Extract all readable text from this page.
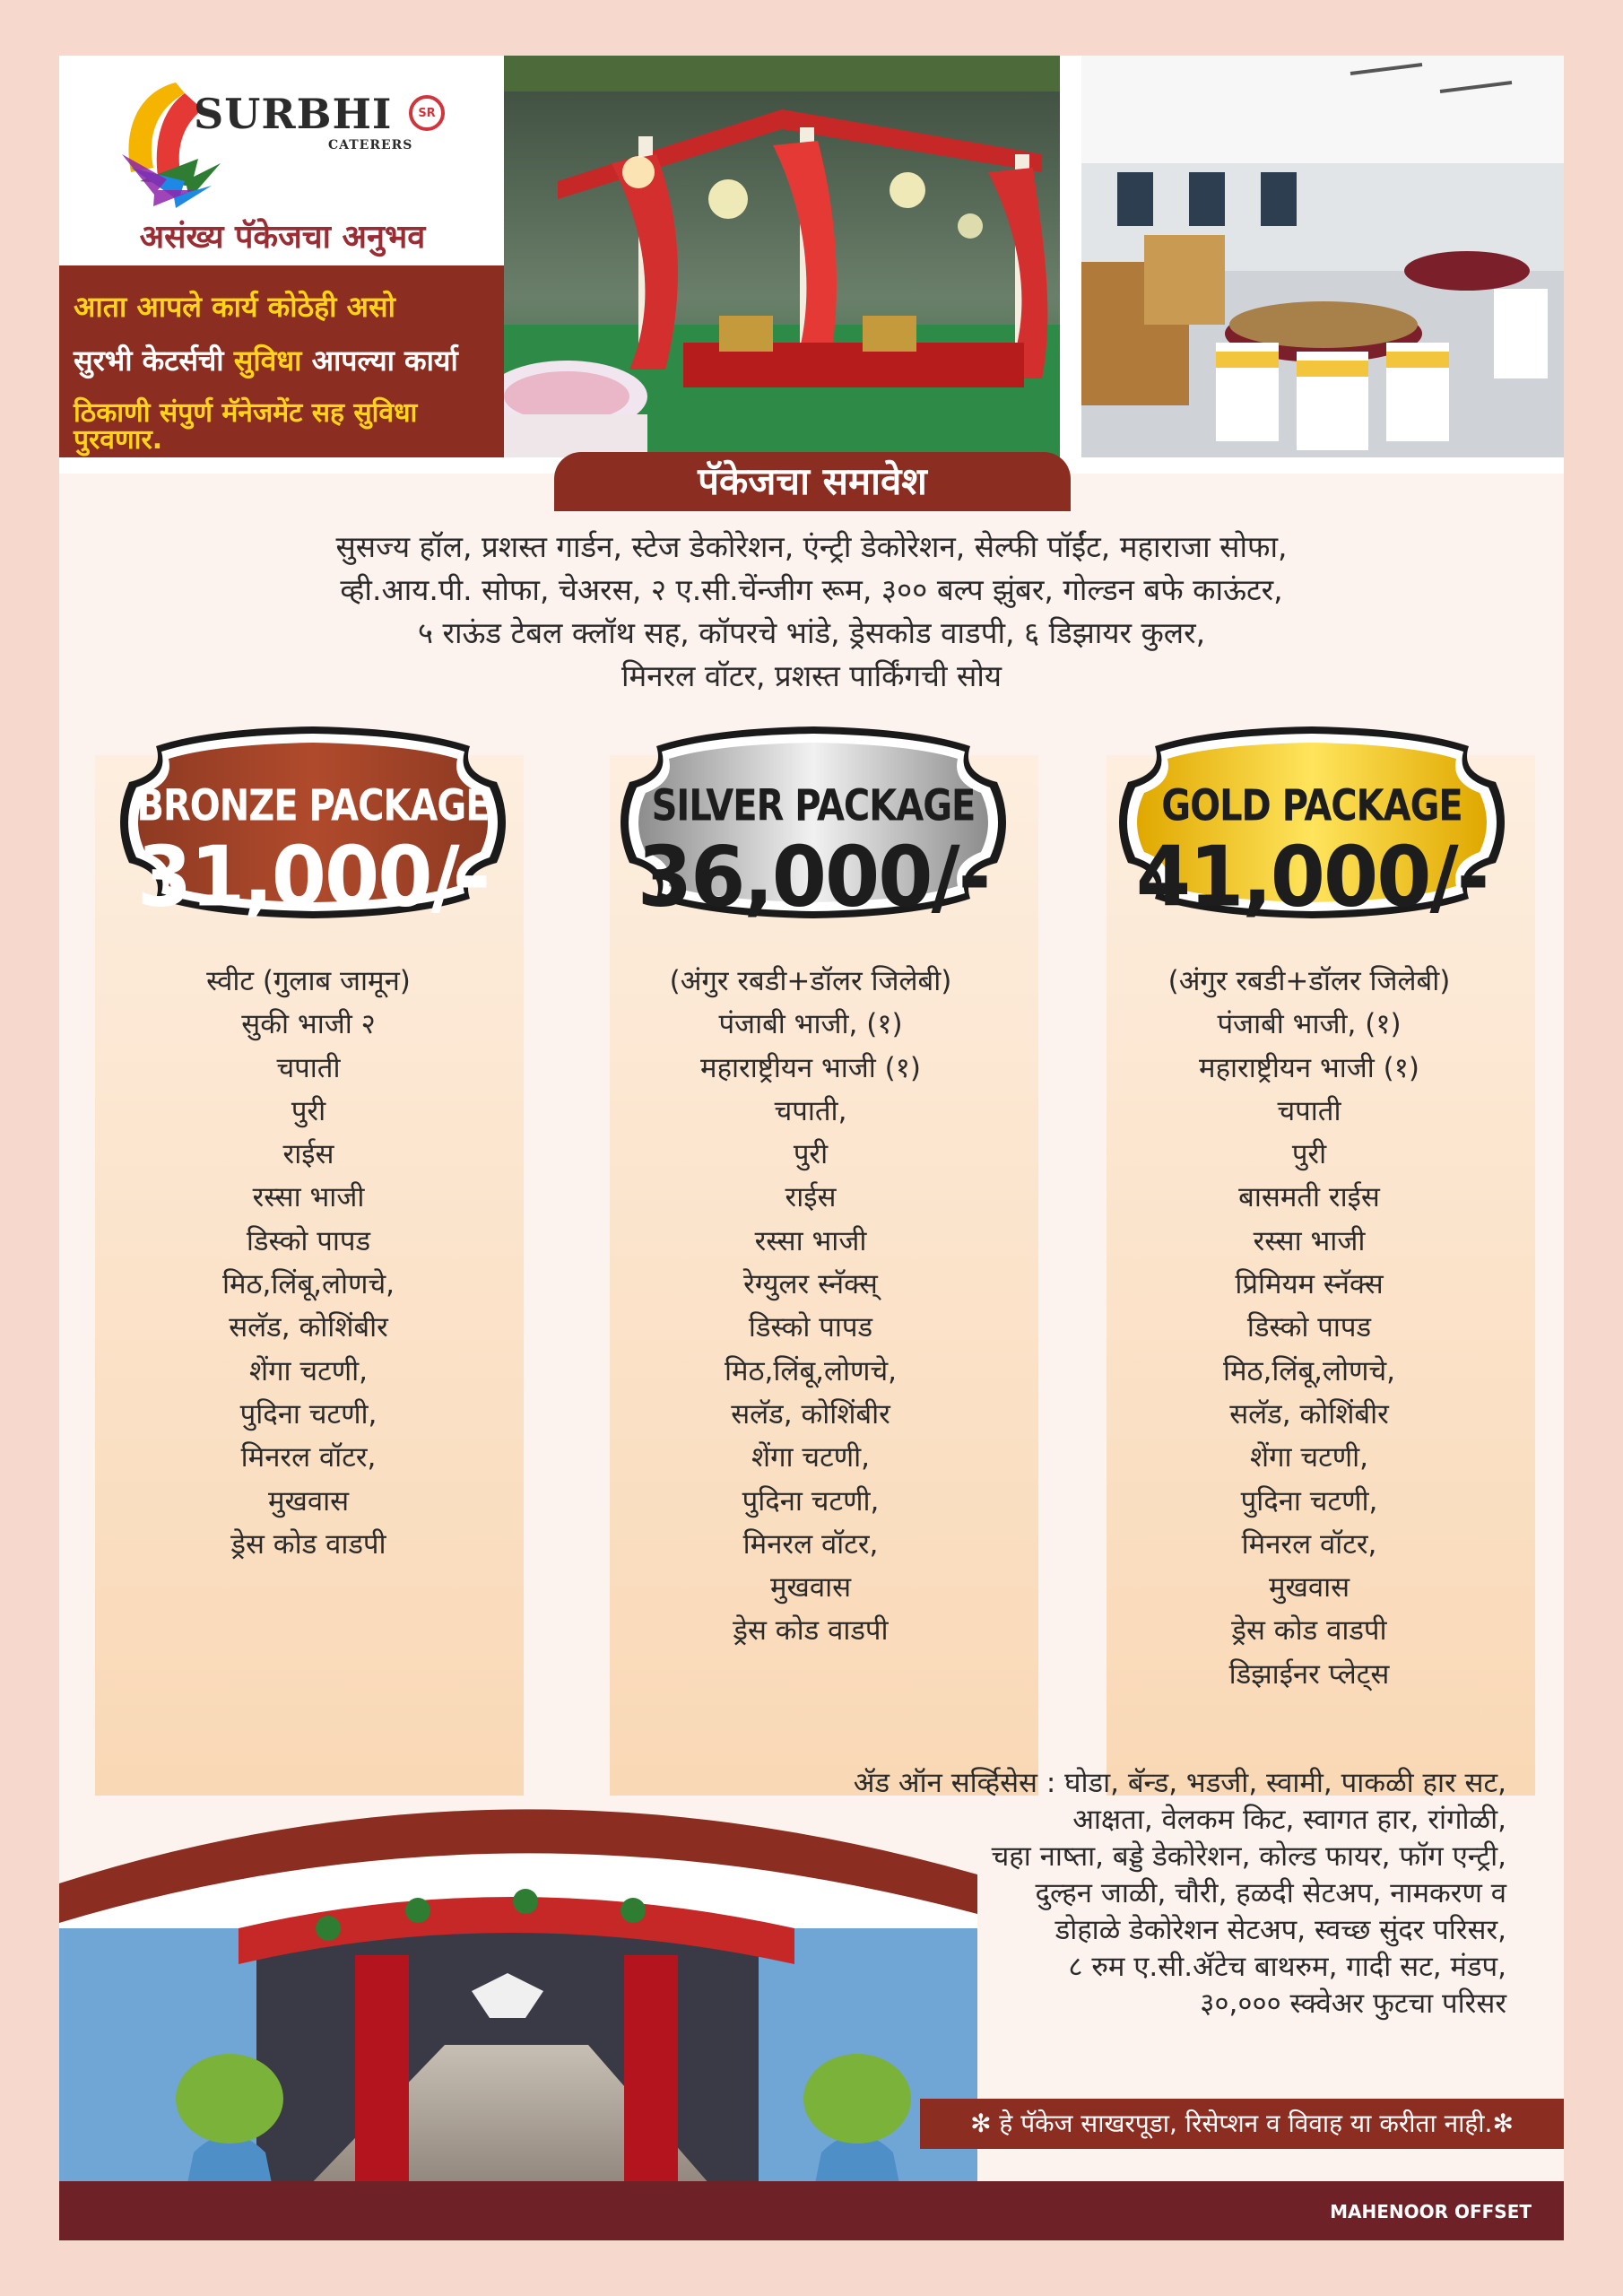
SURBHI	SR
CATERERS
असंख्य पॅकेजचा अनुभव
आता आपले कार्य कोठेही असो
सुरभी केटर्सची सुविधा आपल्या कार्या
ठिकाणी संपुर्ण मॅनेजमेंट सह सुविधा पुरवणार.
पॅकेजचा समावेश
सुसज्य हॉल, प्रशस्त गार्डन, स्टेज डेकोरेशन, एंन्ट्री डेकोरेशन, सेल्फी पॉईंट, महाराजा सोफा,
व्ही.आय.पी. सोफा, चेअरस, २ ए.सी.चेंन्जीग रूम, ३०० बल्प झुंबर, गोल्डन बफे काऊंटर,
५ राऊंड टेबल क्लॉथ सह, कॉपरचे भांडे, ड्रेसकोड वाडपी, ६ डिझायर कुलर,
मिनरल वॉटर, प्रशस्त पार्किंगची सोय
BRONZE PACKAGE
31,000/-
SILVER PACKAGE
36,000/-
GOLD PACKAGE
41,000/-
स्वीट (गुलाब जामून)
सुकी भाजी २
चपाती
पुरी
राईस
रस्सा भाजी
डिस्को पापड
मिठ,लिंबू,लोणचे,
सलॅड, कोशिंबीर
शेंगा चटणी,
पुदिना चटणी,
मिनरल वॉटर,
मुखवास
ड्रेस कोड वाडपी
(अंगुर रबडी+डॉलर जिलेबी)
पंजाबी भाजी, (१)
महाराष्ट्रीयन भाजी (१)
चपाती,
पुरी
राईस
रस्सा भाजी
रेग्युलर स्नॅक्स्
डिस्को पापड
मिठ,लिंबू,लोणचे,
सलॅड, कोशिंबीर
शेंगा चटणी,
पुदिना चटणी,
मिनरल वॉटर,
मुखवास
ड्रेस कोड वाडपी
(अंगुर रबडी+डॉलर जिलेबी)
पंजाबी भाजी, (१)
महाराष्ट्रीयन भाजी (१)
चपाती
पुरी
बासमती राईस
रस्सा भाजी
प्रिमियम स्नॅक्स
डिस्को पापड
मिठ,लिंबू,लोणचे,
सलॅड, कोशिंबीर
शेंगा चटणी,
पुदिना चटणी,
मिनरल वॉटर,
मुखवास
ड्रेस कोड वाडपी
डिझाईनर प्लेट्स
ॲड ऑन सर्व्हिसेस : घोडा, बॅन्ड, भडजी, स्वामी, पाकळी हार सट,
आक्षता, वेलकम किट, स्वागत हार, रांगोळी,
चहा नाष्ता, बड्डे डेकोरेशन, कोल्ड फायर, फॉग एन्ट्री,
दुल्हन जाळी, चौरी, हळदी सेटअप, नामकरण व
डोहाळे डेकोरेशन सेटअप, स्वच्छ सुंदर परिसर,
८ रुम ए.सी.ॲटेच बाथरुम, गादी सट, मंडप,
३०,००० स्क्वेअर फुटचा परिसर
✻ हे पॅकेज साखरपूडा, रिसेप्शन व विवाह या करीता नाही.✻
MAHENOOR OFFSET
